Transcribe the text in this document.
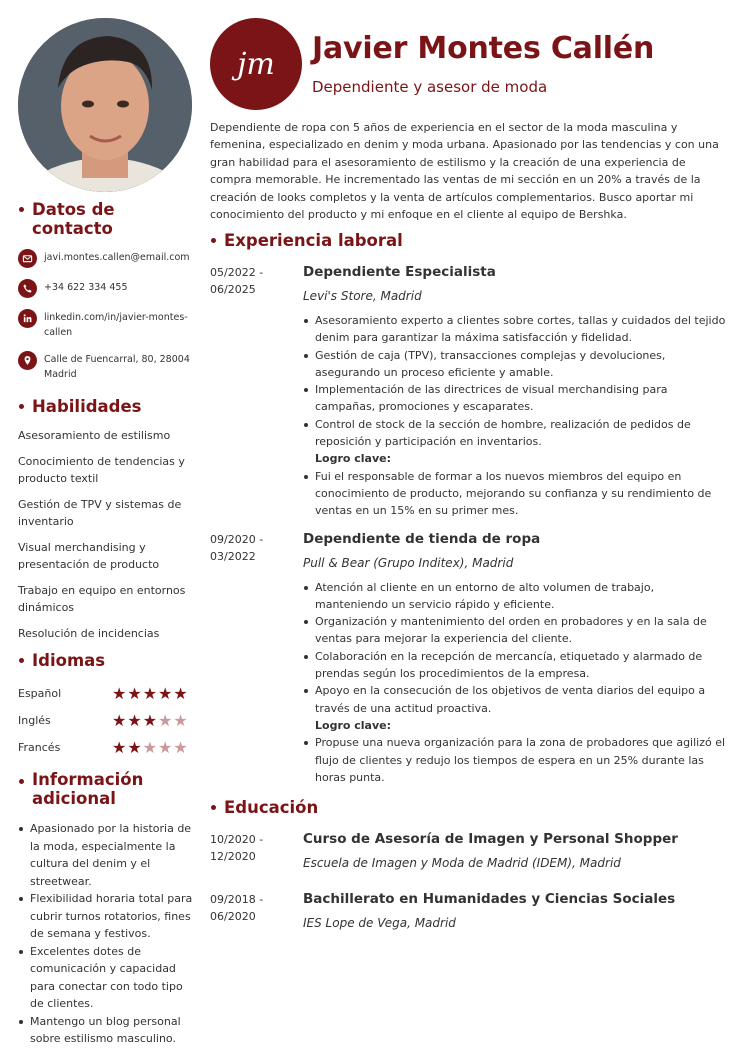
Datos de contacto
javi.montes.callen@email.com
+34 622 334 455
linkedin.com/in/javier-montes-callen
Calle de Fuencarral, 80, 28004 Madrid
Habilidades
Asesoramiento de estilismo
Conocimiento de tendencias y producto textil
Gestión de TPV y sistemas de inventario
Visual merchandising y presentación de producto
Trabajo en equipo en entornos dinámicos
Resolución de incidencias
Idiomas
Español	★ ★ ★ ★ ★
Inglés	★ ★ ★ ★ ★
Francés	★ ★ ★ ★ ★
Información adicional
Apasionado por la historia de la moda, especialmente la cultura del denim y el streetwear.
Flexibilidad horaria total para cubrir turnos rotatorios, fines de semana y festivos.
Excelentes dotes de comunicación y capacidad para conectar con todo tipo de clientes.
Mantengo un blog personal sobre estilismo masculino.
jm	Javier Montes Callén
Dependiente y asesor de moda
Dependiente de ropa con 5 años de experiencia en el sector de la moda masculina y femenina, especializado en denim y moda urbana. Apasionado por las tendencias y con una gran habilidad para el asesoramiento de estilismo y la creación de una experiencia de compra memorable. He incrementado las ventas de mi sección en un 20% a través de la creación de looks completos y la venta de artículos complementarios. Busco aportar mi conocimiento del producto y mi enfoque en el cliente al equipo de Bershka.
Experiencia laboral
05/2022 - 06/2025
Dependiente Especialista
Levi's Store, Madrid
Asesoramiento experto a clientes sobre cortes, tallas y cuidados del tejido denim para garantizar la máxima satisfacción y fidelidad.
Gestión de caja (TPV), transacciones complejas y devoluciones, asegurando un proceso eficiente y amable.
Implementación de las directrices de visual merchandising para campañas, promociones y escaparates.
Control de stock de la sección de hombre, realización de pedidos de reposición y participación en inventarios.
Logro clave:
Fui el responsable de formar a los nuevos miembros del equipo en conocimiento de producto, mejorando su confianza y su rendimiento de ventas en un 15% en su primer mes.
09/2020 - 03/2022
Dependiente de tienda de ropa
Pull & Bear (Grupo Inditex), Madrid
Atención al cliente en un entorno de alto volumen de trabajo, manteniendo un servicio rápido y eficiente.
Organización y mantenimiento del orden en probadores y en la sala de ventas para mejorar la experiencia del cliente.
Colaboración en la recepción de mercancía, etiquetado y alarmado de prendas según los procedimientos de la empresa.
Apoyo en la consecución de los objetivos de venta diarios del equipo a través de una actitud proactiva.
Logro clave:
Propuse una nueva organización para la zona de probadores que agilizó el flujo de clientes y redujo los tiempos de espera en un 25% durante las horas punta.
Educación
10/2020 - 12/2020
Curso de Asesoría de Imagen y Personal Shopper
Escuela de Imagen y Moda de Madrid (IDEM), Madrid
09/2018 - 06/2020
Bachillerato en Humanidades y Ciencias Sociales
IES Lope de Vega, Madrid
